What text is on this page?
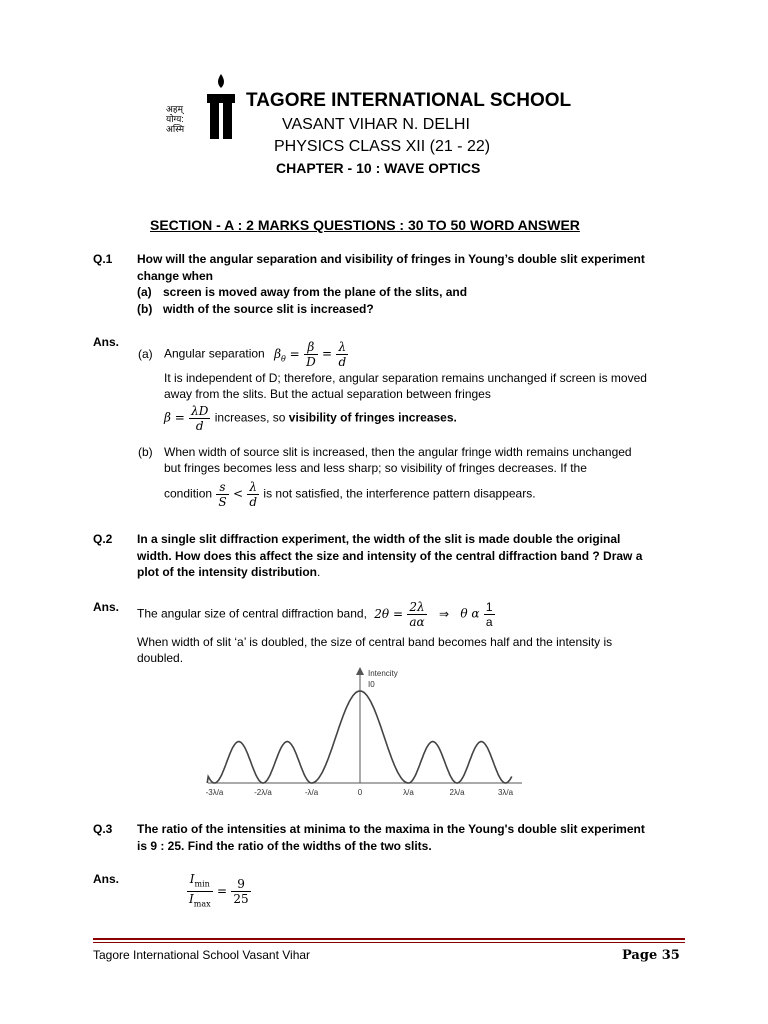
अहम्
योग्य:
अस्मि
TAGORE INTERNATIONAL SCHOOL
VASANT VIHAR N. DELHI
PHYSICS CLASS XII (21 - 22)
CHAPTER - 10 : WAVE OPTICS
SECTION - A : 2 MARKS QUESTIONS : 30 TO 50 WORD ANSWER
Q.1 How will the angular separation and visibility of fringes in Young’s double slit experiment change when
(a) screen is moved away from the plane of the slits, and
(b) width of the source slit is increased?
Ans.
(a) Angular separation $\beta_\theta = \frac{\beta}{D} = \frac{\lambda}{d}$
It is independent of D; therefore, angular separation remains unchanged if screen is moved away from the slits. But the actual separation between fringes
$\beta = \frac{\lambda D}{d}$ increases, so visibility of fringes increases.
(b) When width of source slit is increased, then the angular fringe width remains unchanged but fringes becomes less and less sharp; so visibility of fringes decreases. If the
condition $\frac{s}{S} < \frac{\lambda}{d}$ is not satisfied, the interference pattern disappears.
Q.2 In a single slit diffraction experiment, the width of the slit is made double the original width. How does this affect the size and intensity of the central diffraction band ? Draw a plot of the intensity distribution.
Ans. The angular size of central diffraction band, $2\theta = \frac{2\lambda}{a\alpha}$ ⇒ θ α $\frac{1}{a}$
When width of slit ‘a’ is doubled, the size of central band becomes half and the intensity is doubled.
Intencity
I0
-3λ/a	-2λ/a	-λ/a	0	λ/a	2λ/a	3λ/a
Q.3 The ratio of the intensities at minima to the maxima in the Young's double slit experiment is 9 : 25. Find the ratio of the widths of the two slits.
Ans.	$\frac{I_{min}}{I_{max}} = \frac{9}{25}$
Tagore International School Vasant Vihar	Page 35
